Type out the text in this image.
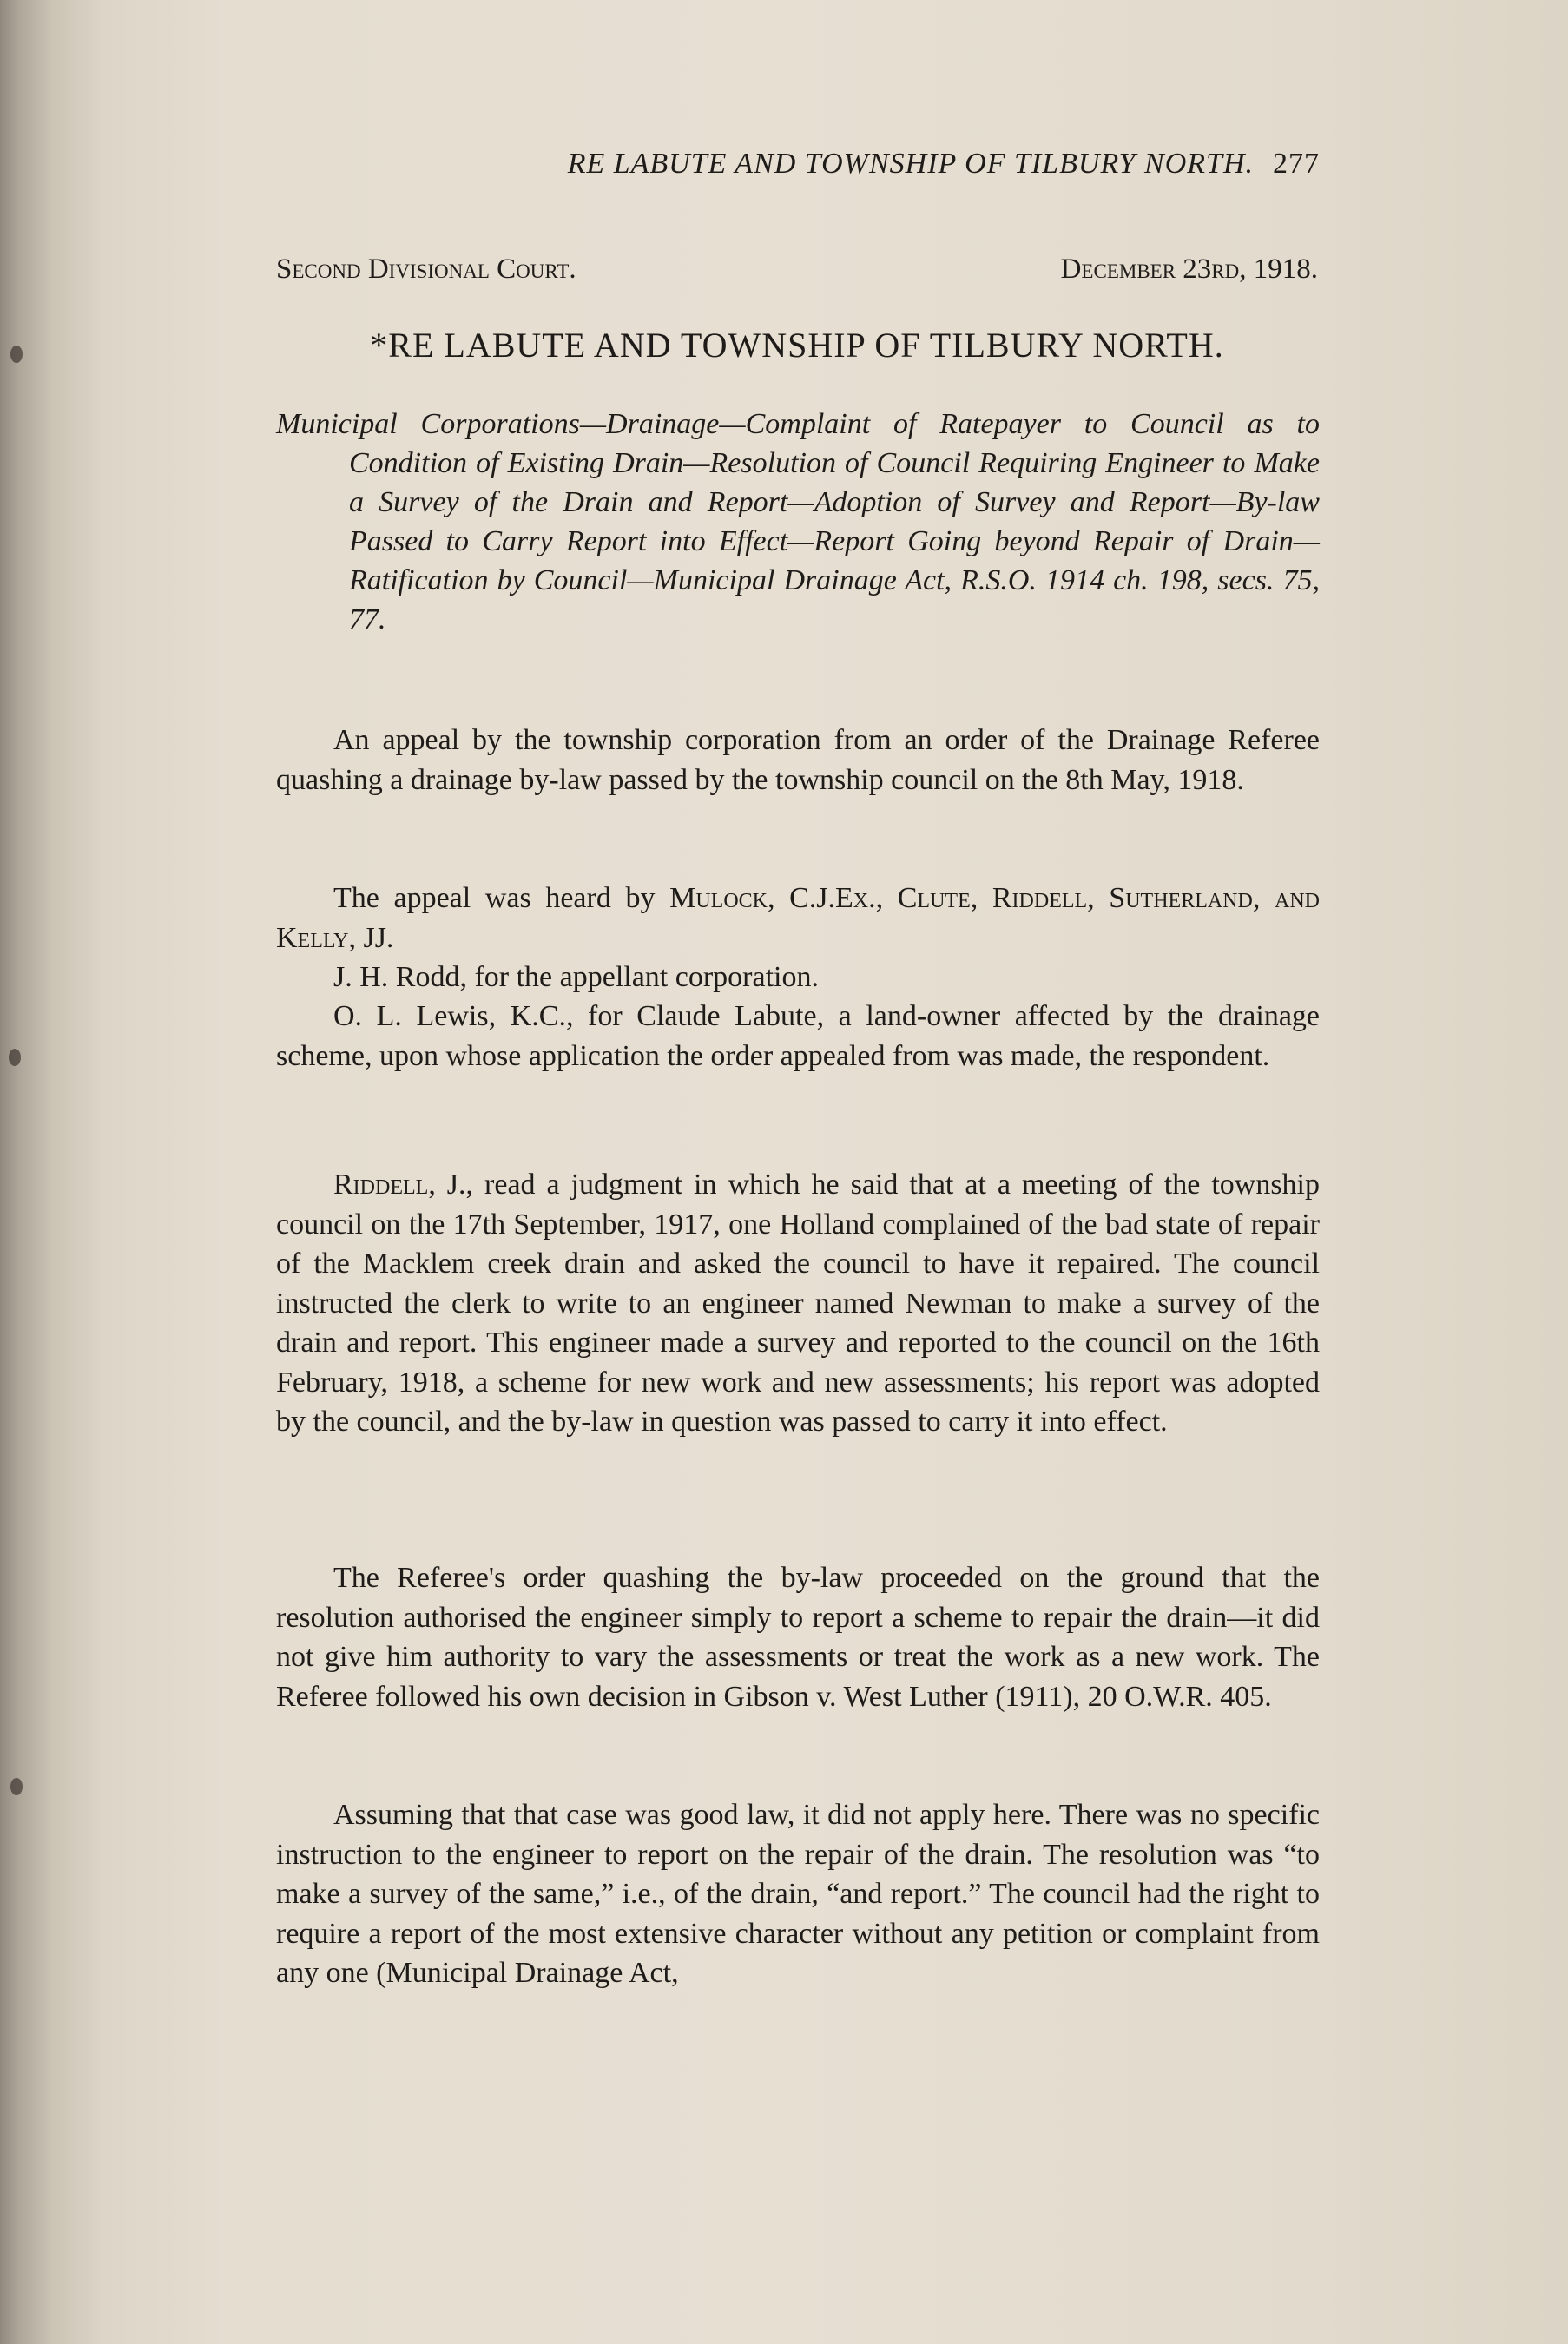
RE LABUTE AND TOWNSHIP OF TILBURY NORTH. 277
Second Divisional Court.	December 23rd, 1918.
*RE LABUTE AND TOWNSHIP OF TILBURY NORTH.
Municipal Corporations—Drainage—Complaint of Ratepayer to Council as to Condition of Existing Drain—Resolution of Council Requiring Engineer to Make a Survey of the Drain and Report—Adoption of Survey and Report—By-law Passed to Carry Report into Effect—Report Going beyond Repair of Drain—Ratification by Council—Municipal Drainage Act, R.S.O. 1914 ch. 198, secs. 75, 77.
An appeal by the township corporation from an order of the Drainage Referee quashing a drainage by-law passed by the township council on the 8th May, 1918.
The appeal was heard by Mulock, C.J.Ex., Clute, Riddell, Sutherland, and Kelly, JJ.
J. H. Rodd, for the appellant corporation.
O. L. Lewis, K.C., for Claude Labute, a land-owner affected by the drainage scheme, upon whose application the order appealed from was made, the respondent.
Riddell, J., read a judgment in which he said that at a meeting of the township council on the 17th September, 1917, one Holland complained of the bad state of repair of the Macklem creek drain and asked the council to have it repaired. The council instructed the clerk to write to an engineer named Newman to make a survey of the drain and report. This engineer made a survey and reported to the council on the 16th February, 1918, a scheme for new work and new assessments; his report was adopted by the council, and the by-law in question was passed to carry it into effect.
The Referee's order quashing the by-law proceeded on the ground that the resolution authorised the engineer simply to report a scheme to repair the drain—it did not give him authority to vary the assessments or treat the work as a new work. The Referee followed his own decision in Gibson v. West Luther (1911), 20 O.W.R. 405.
Assuming that that case was good law, it did not apply here. There was no specific instruction to the engineer to report on the repair of the drain. The resolution was “to make a survey of the same,” i.e., of the drain, “and report.” The council had the right to require a report of the most extensive character without any petition or complaint from any one (Municipal Drainage Act,
